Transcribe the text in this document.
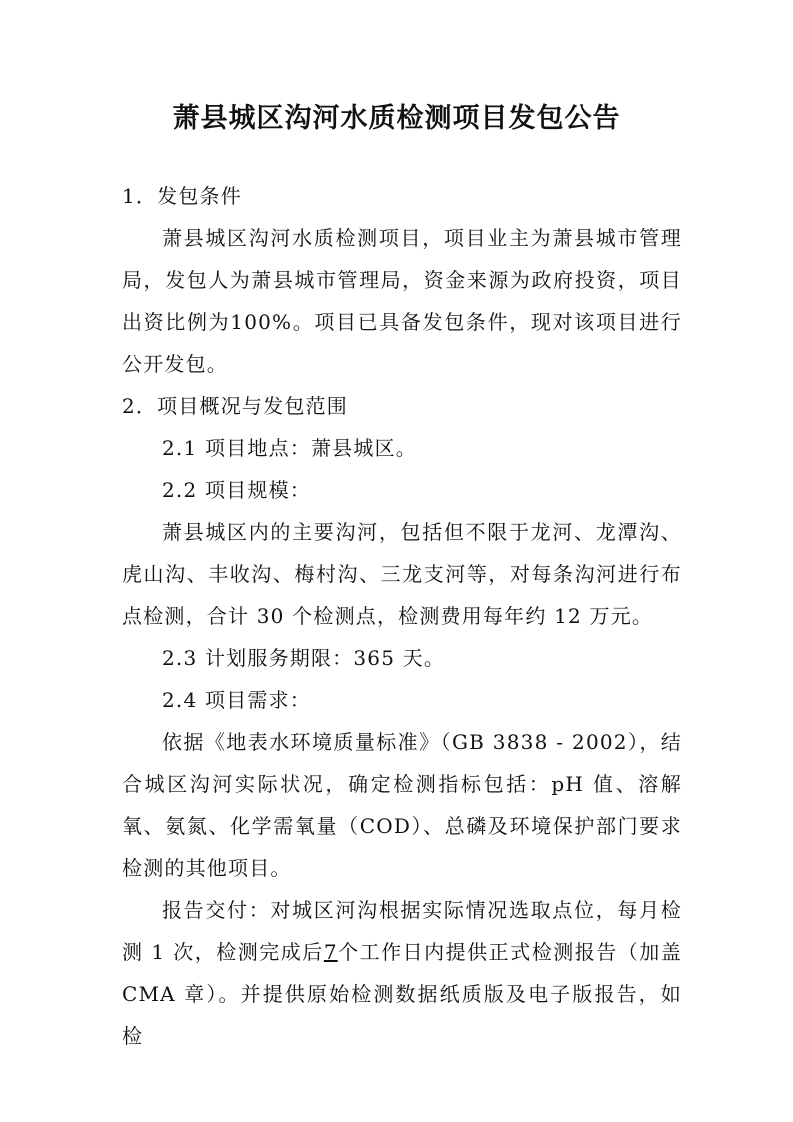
萧县城区沟河水质检测项目发包公告

1．发包条件

萧县城区沟河水质检测项目，项目业主为萧县城市管理局，发包人为萧县城市管理局，资金来源为政府投资，项目出资比例为100%。项目已具备发包条件，现对该项目进行公开发包。

2．项目概况与发包范围

2.1 项目地点：萧县城区。

2.2 项目规模：

萧县城区内的主要沟河，包括但不限于龙河、龙潭沟、虎山沟、丰收沟、梅村沟、三龙支河等，对每条沟河进行布点检测，合计 30 个检测点，检测费用每年约 12 万元。

2.3 计划服务期限：365 天。

2.4 项目需求：

依据《地表水环境质量标准》（GB 3838 - 2002），结合城区沟河实际状况，确定检测指标包括：pH 值、溶解氧、氨氮、化学需氧量（COD）、总磷及环境保护部门要求检测的其他项目。

报告交付：对城区河沟根据实际情况选取点位，每月检测 1 次，检测完成后7个工作日内提供正式检测报告（加盖 CMA 章）。并提供原始检测数据纸质版及电子版报告，如检
